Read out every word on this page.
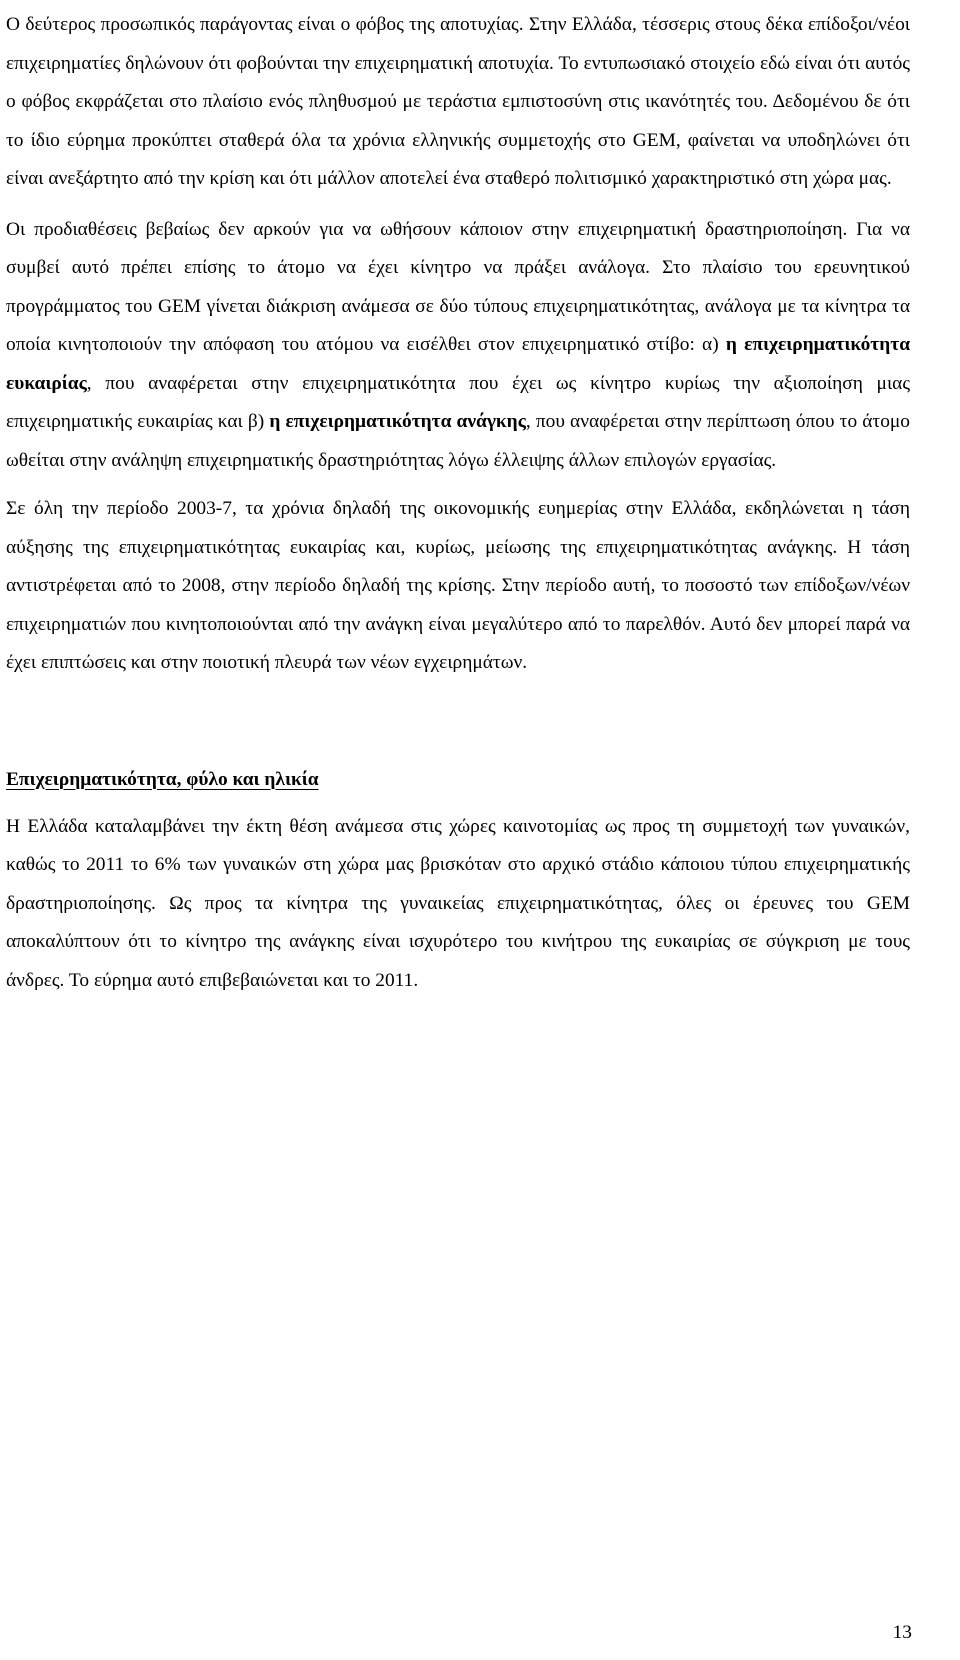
Ο δεύτερος προσωπικός παράγοντας είναι ο φόβος της αποτυχίας. Στην Ελλάδα, τέσσερις στους δέκα επίδοξοι/νέοι επιχειρηματίες δηλώνουν ότι φοβούνται την επιχειρηματική αποτυχία. Το εντυπωσιακό στοιχείο εδώ είναι ότι αυτός ο φόβος εκφράζεται στο πλαίσιο ενός πληθυσμού με τεράστια εμπιστοσύνη στις ικανότητές του. Δεδομένου δε ότι το ίδιο εύρημα προκύπτει σταθερά όλα τα χρόνια ελληνικής συμμετοχής στο GEM, φαίνεται να υποδηλώνει ότι είναι ανεξάρτητο από την κρίση και ότι μάλλον αποτελεί ένα σταθερό πολιτισμικό χαρακτηριστικό στη χώρα μας.

Οι προδιαθέσεις βεβαίως δεν αρκούν για να ωθήσουν κάποιον στην επιχειρηματική δραστηριοποίηση. Για να συμβεί αυτό πρέπει επίσης το άτομο να έχει κίνητρο να πράξει ανάλογα. Στο πλαίσιο του ερευνητικού προγράμματος του GEM γίνεται διάκριση ανάμεσα σε δύο τύπους επιχειρηματικότητας, ανάλογα με τα κίνητρα τα οποία κινητοποιούν την απόφαση του ατόμου να εισέλθει στον επιχειρηματικό στίβο: α) η επιχειρηματικότητα ευκαιρίας, που αναφέρεται στην επιχειρηματικότητα που έχει ως κίνητρο κυρίως την αξιοποίηση μιας επιχειρηματικής ευκαιρίας και β) η επιχειρηματικότητα ανάγκης, που αναφέρεται στην περίπτωση όπου το άτομο ωθείται στην ανάληψη επιχειρηματικής δραστηριότητας λόγω έλλειψης άλλων επιλογών εργασίας.

Σε όλη την περίοδο 2003-7, τα χρόνια δηλαδή της οικονομικής ευημερίας στην Ελλάδα, εκδηλώνεται η τάση αύξησης της επιχειρηματικότητας ευκαιρίας και, κυρίως, μείωσης της επιχειρηματικότητας ανάγκης. Η τάση αντιστρέφεται από το 2008, στην περίοδο δηλαδή της κρίσης. Στην περίοδο αυτή, το ποσοστό των επίδοξων/νέων επιχειρηματιών που κινητοποιούνται από την ανάγκη είναι μεγαλύτερο από το παρελθόν. Αυτό δεν μπορεί παρά να έχει επιπτώσεις και στην ποιοτική πλευρά των νέων εγχειρημάτων.

Επιχειρηματικότητα, φύλο και ηλικία

Η Ελλάδα καταλαμβάνει την έκτη θέση ανάμεσα στις χώρες καινοτομίας ως προς τη συμμετοχή των γυναικών, καθώς το 2011 το 6% των γυναικών στη χώρα μας βρισκόταν στο αρχικό στάδιο κάποιου τύπου επιχειρηματικής δραστηριοποίησης. Ως προς τα κίνητρα της γυναικείας επιχειρηματικότητας, όλες οι έρευνες του GEM αποκαλύπτουν ότι το κίνητρο της ανάγκης είναι ισχυρότερο του κινήτρου της ευκαιρίας σε σύγκριση με τους άνδρες. Το εύρημα αυτό επιβεβαιώνεται και το 2011.

13
